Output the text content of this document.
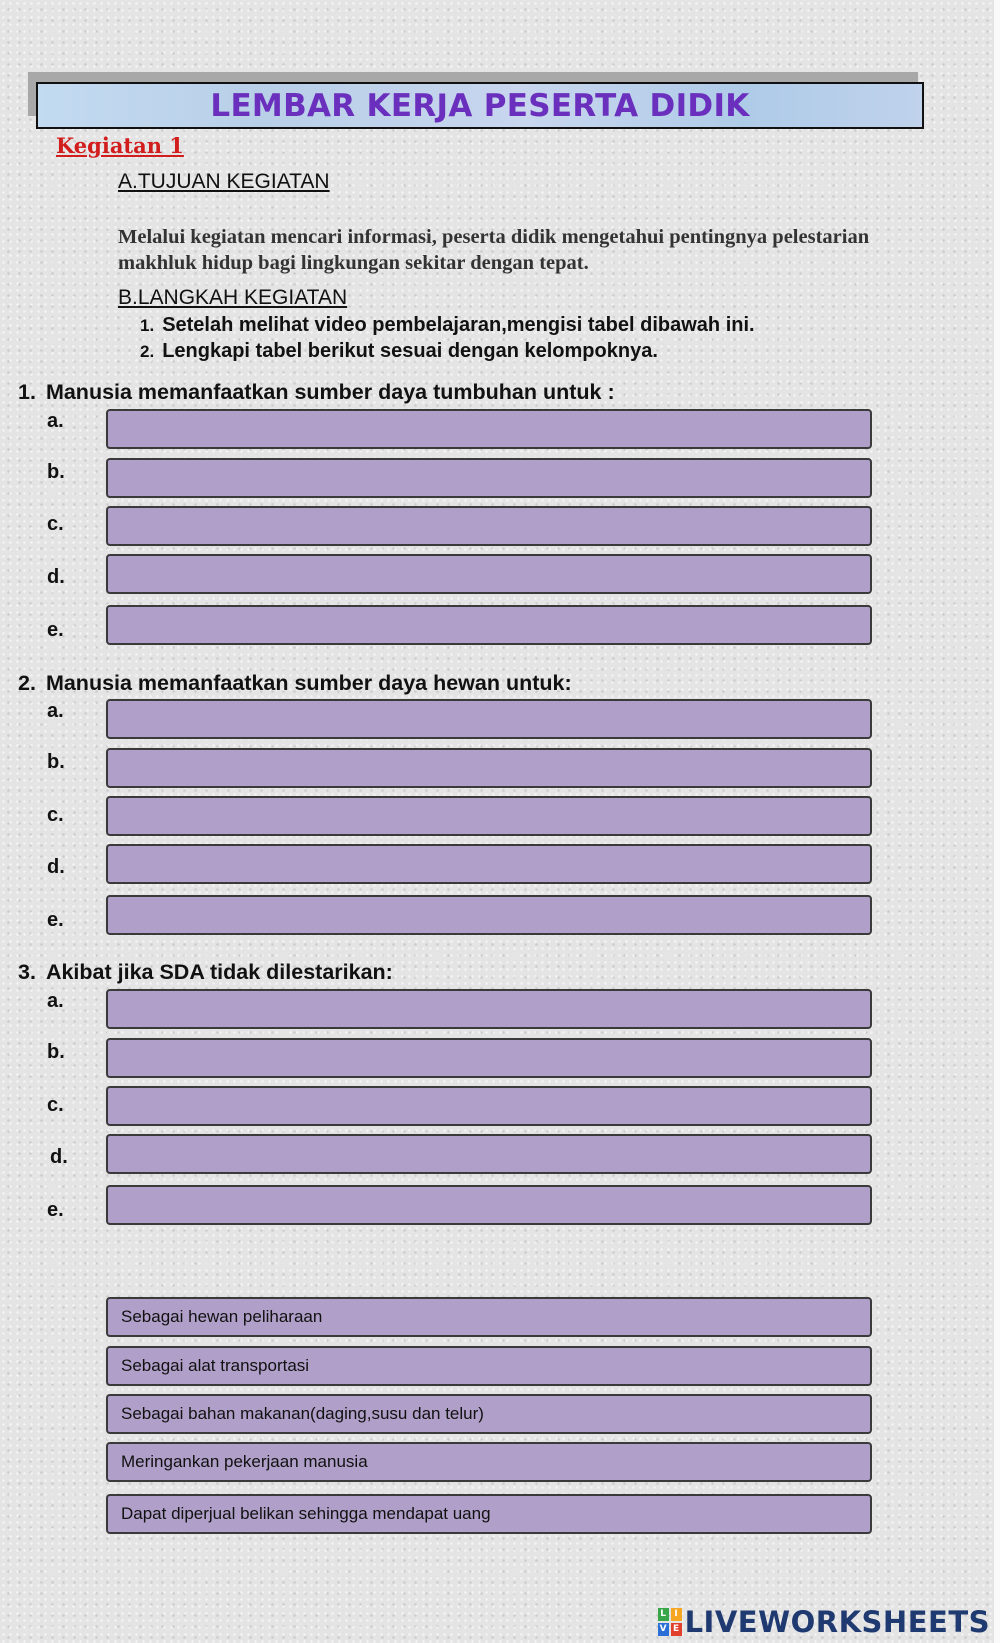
LEMBAR KERJA PESERTA DIDIK
Kegiatan 1
A.TUJUAN KEGIATAN
Melalui kegiatan mencari informasi, peserta didik mengetahui pentingnya pelestarian makhluk hidup bagi lingkungan sekitar dengan tepat.
B.LANGKAH KEGIATAN
1. Setelah melihat video pembelajaran,mengisi tabel dibawah ini.
2. Lengkapi tabel berikut sesuai dengan kelompoknya.
1. Manusia memanfaatkan sumber daya tumbuhan untuk :
a.
b.
c.
d.
e.
2. Manusia memanfaatkan sumber daya hewan untuk:
a.
b.
c.
d.
e.
3. Akibat jika SDA tidak dilestarikan:
a.
b.
c.
d.
e.
Sebagai hewan peliharaan
Sebagai alat transportasi
Sebagai bahan makanan(daging,susu dan telur)
Meringankan pekerjaan manusia
Dapat diperjual belikan sehingga mendapat uang
L I
V E LIVEWORKSHEETS
